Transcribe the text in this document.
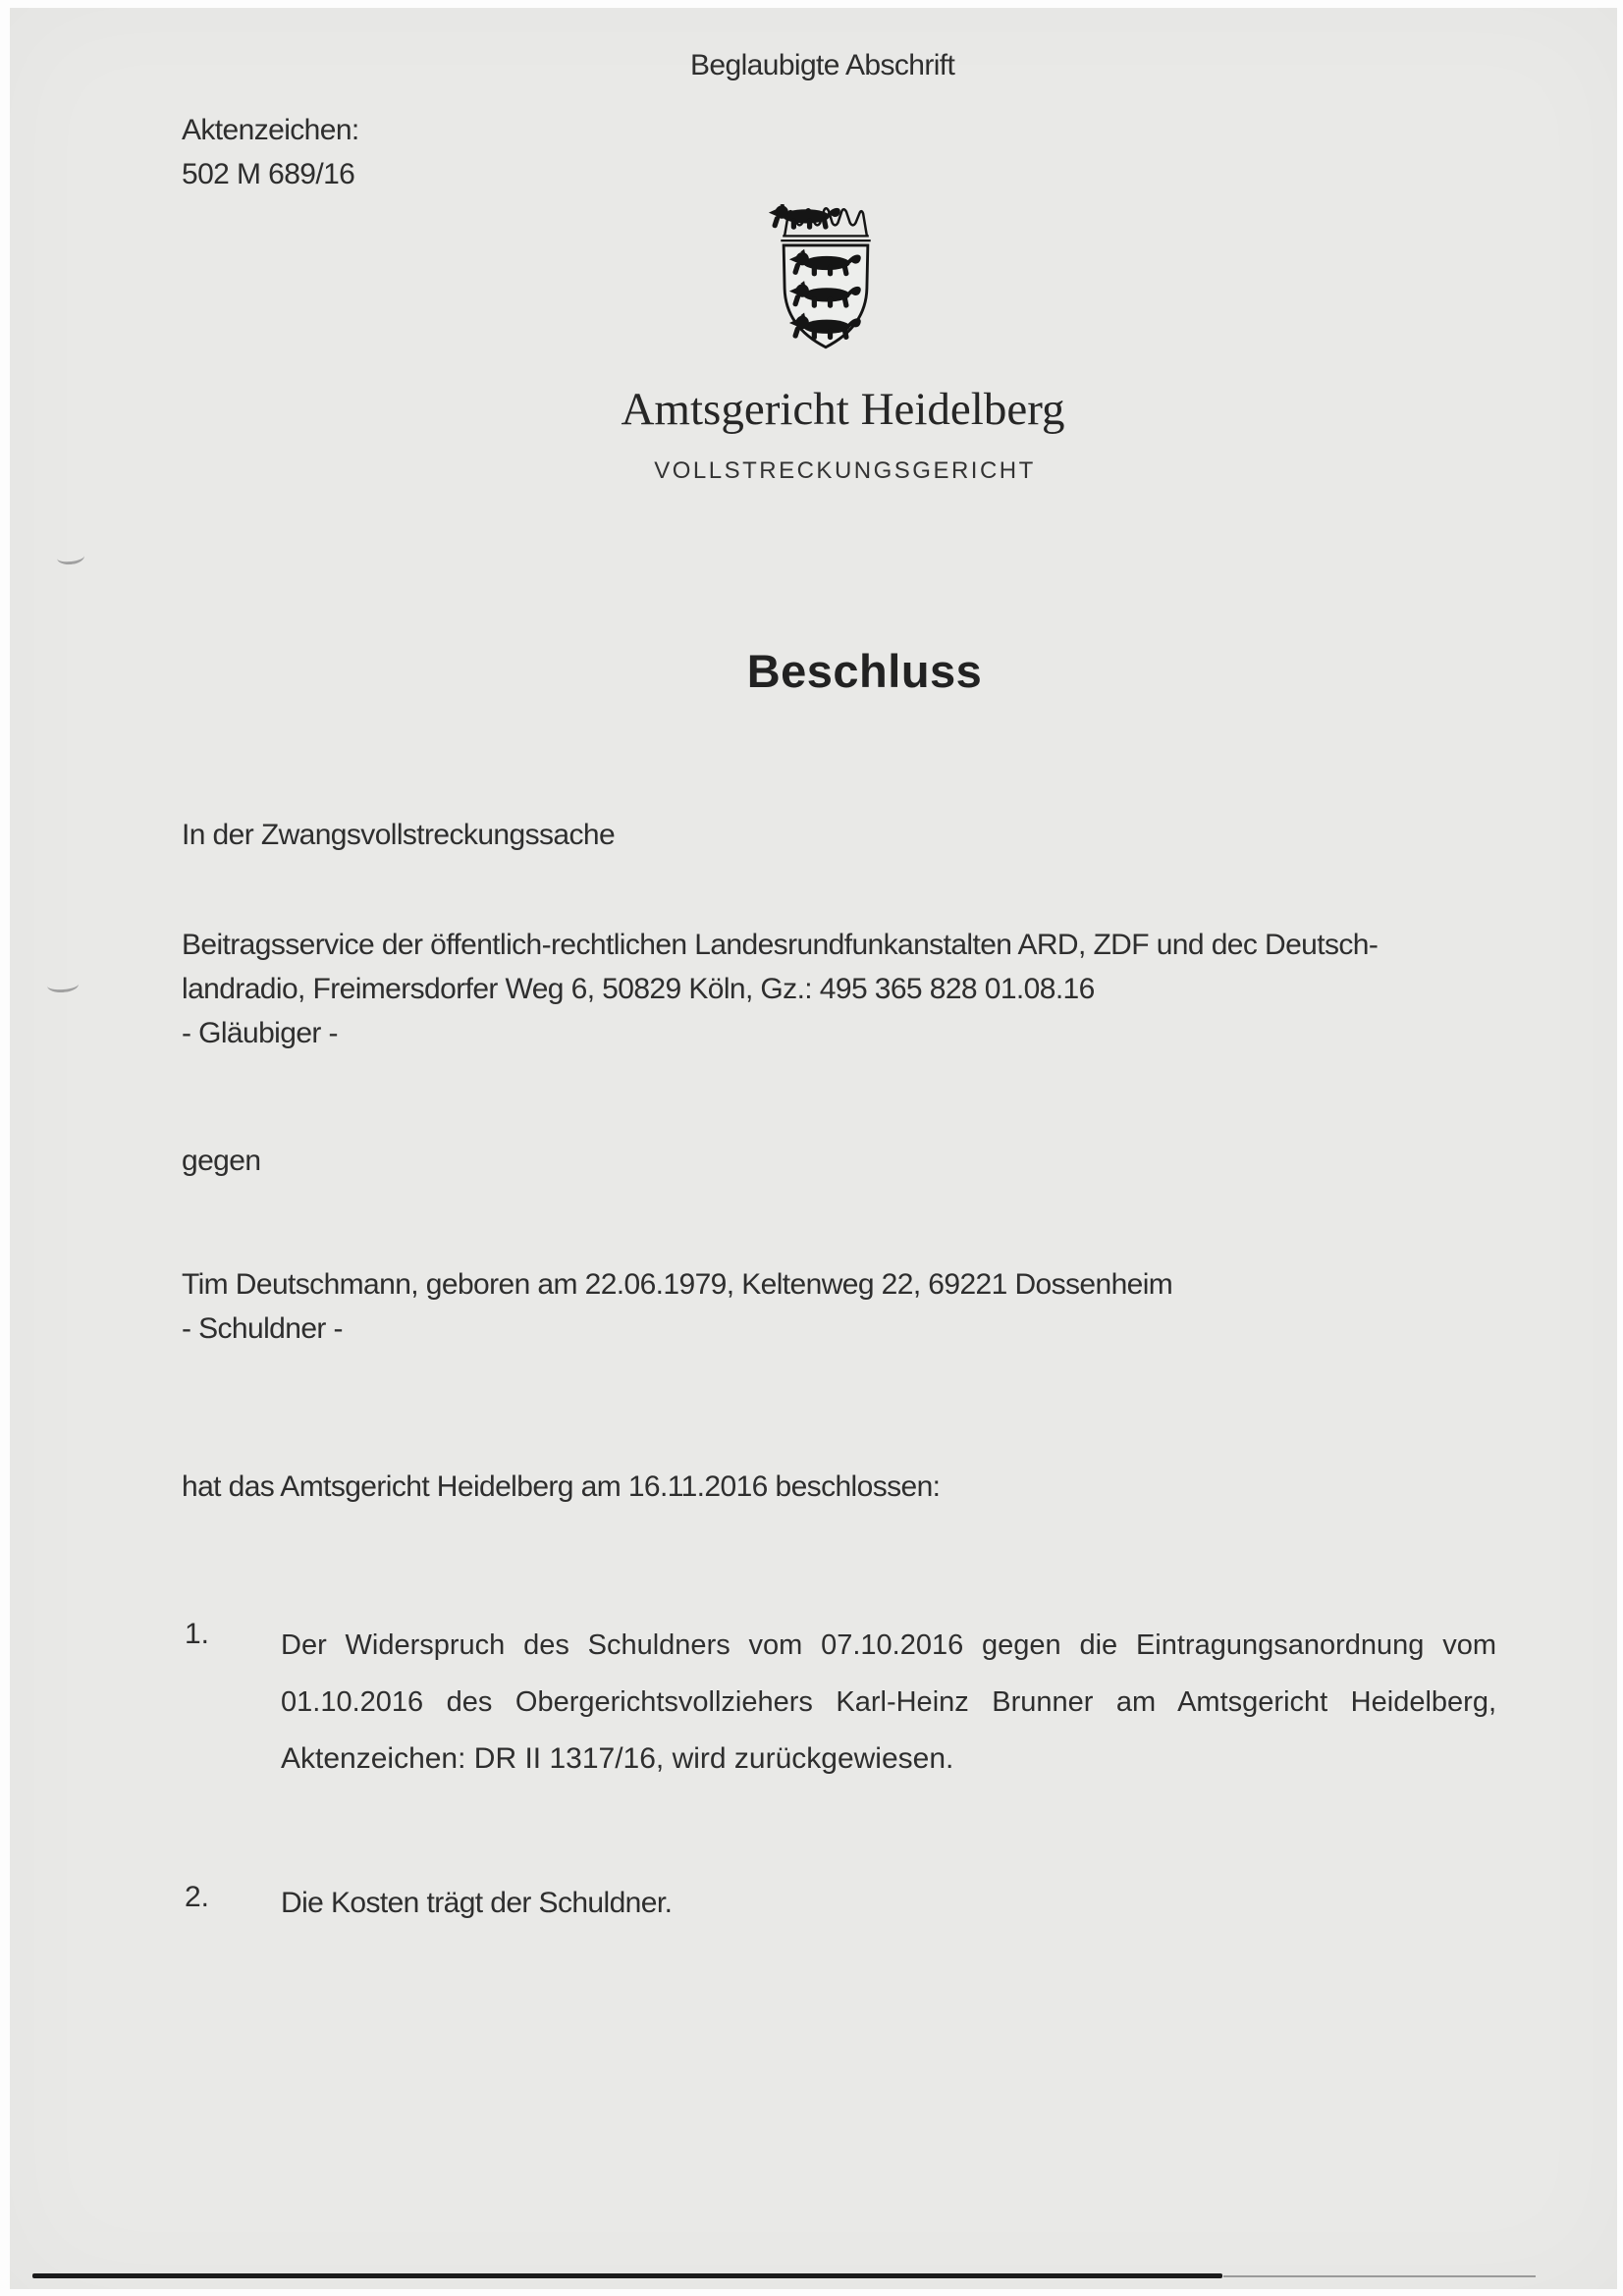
Beglaubigte Abschrift
Aktenzeichen:
502 M 689/16
Amtsgericht Heidelberg
VOLLSTRECKUNGSGERICHT
Beschluss
In der Zwangsvollstreckungssache
Beitragsservice der öffentlich-rechtlichen Landesrundfunkanstalten ARD, ZDF und dec Deutsch-
landradio, Freimersdorfer Weg 6, 50829 Köln, Gz.: 495 365 828 01.08.16
- Gläubiger -
gegen
Tim Deutschmann, geboren am 22.06.1979, Keltenweg 22, 69221 Dossenheim
- Schuldner -
hat das Amtsgericht Heidelberg am 16.11.2016 beschlossen:
1.	Der Widerspruch des Schuldners vom 07.10.2016 gegen die Eintragungsanordnung vom
01.10.2016 des Obergerichtsvollziehers Karl-Heinz Brunner am Amtsgericht Heidelberg,
Aktenzeichen: DR II 1317/16, wird zurückgewiesen.
2. Die Kosten trägt der Schuldner.
